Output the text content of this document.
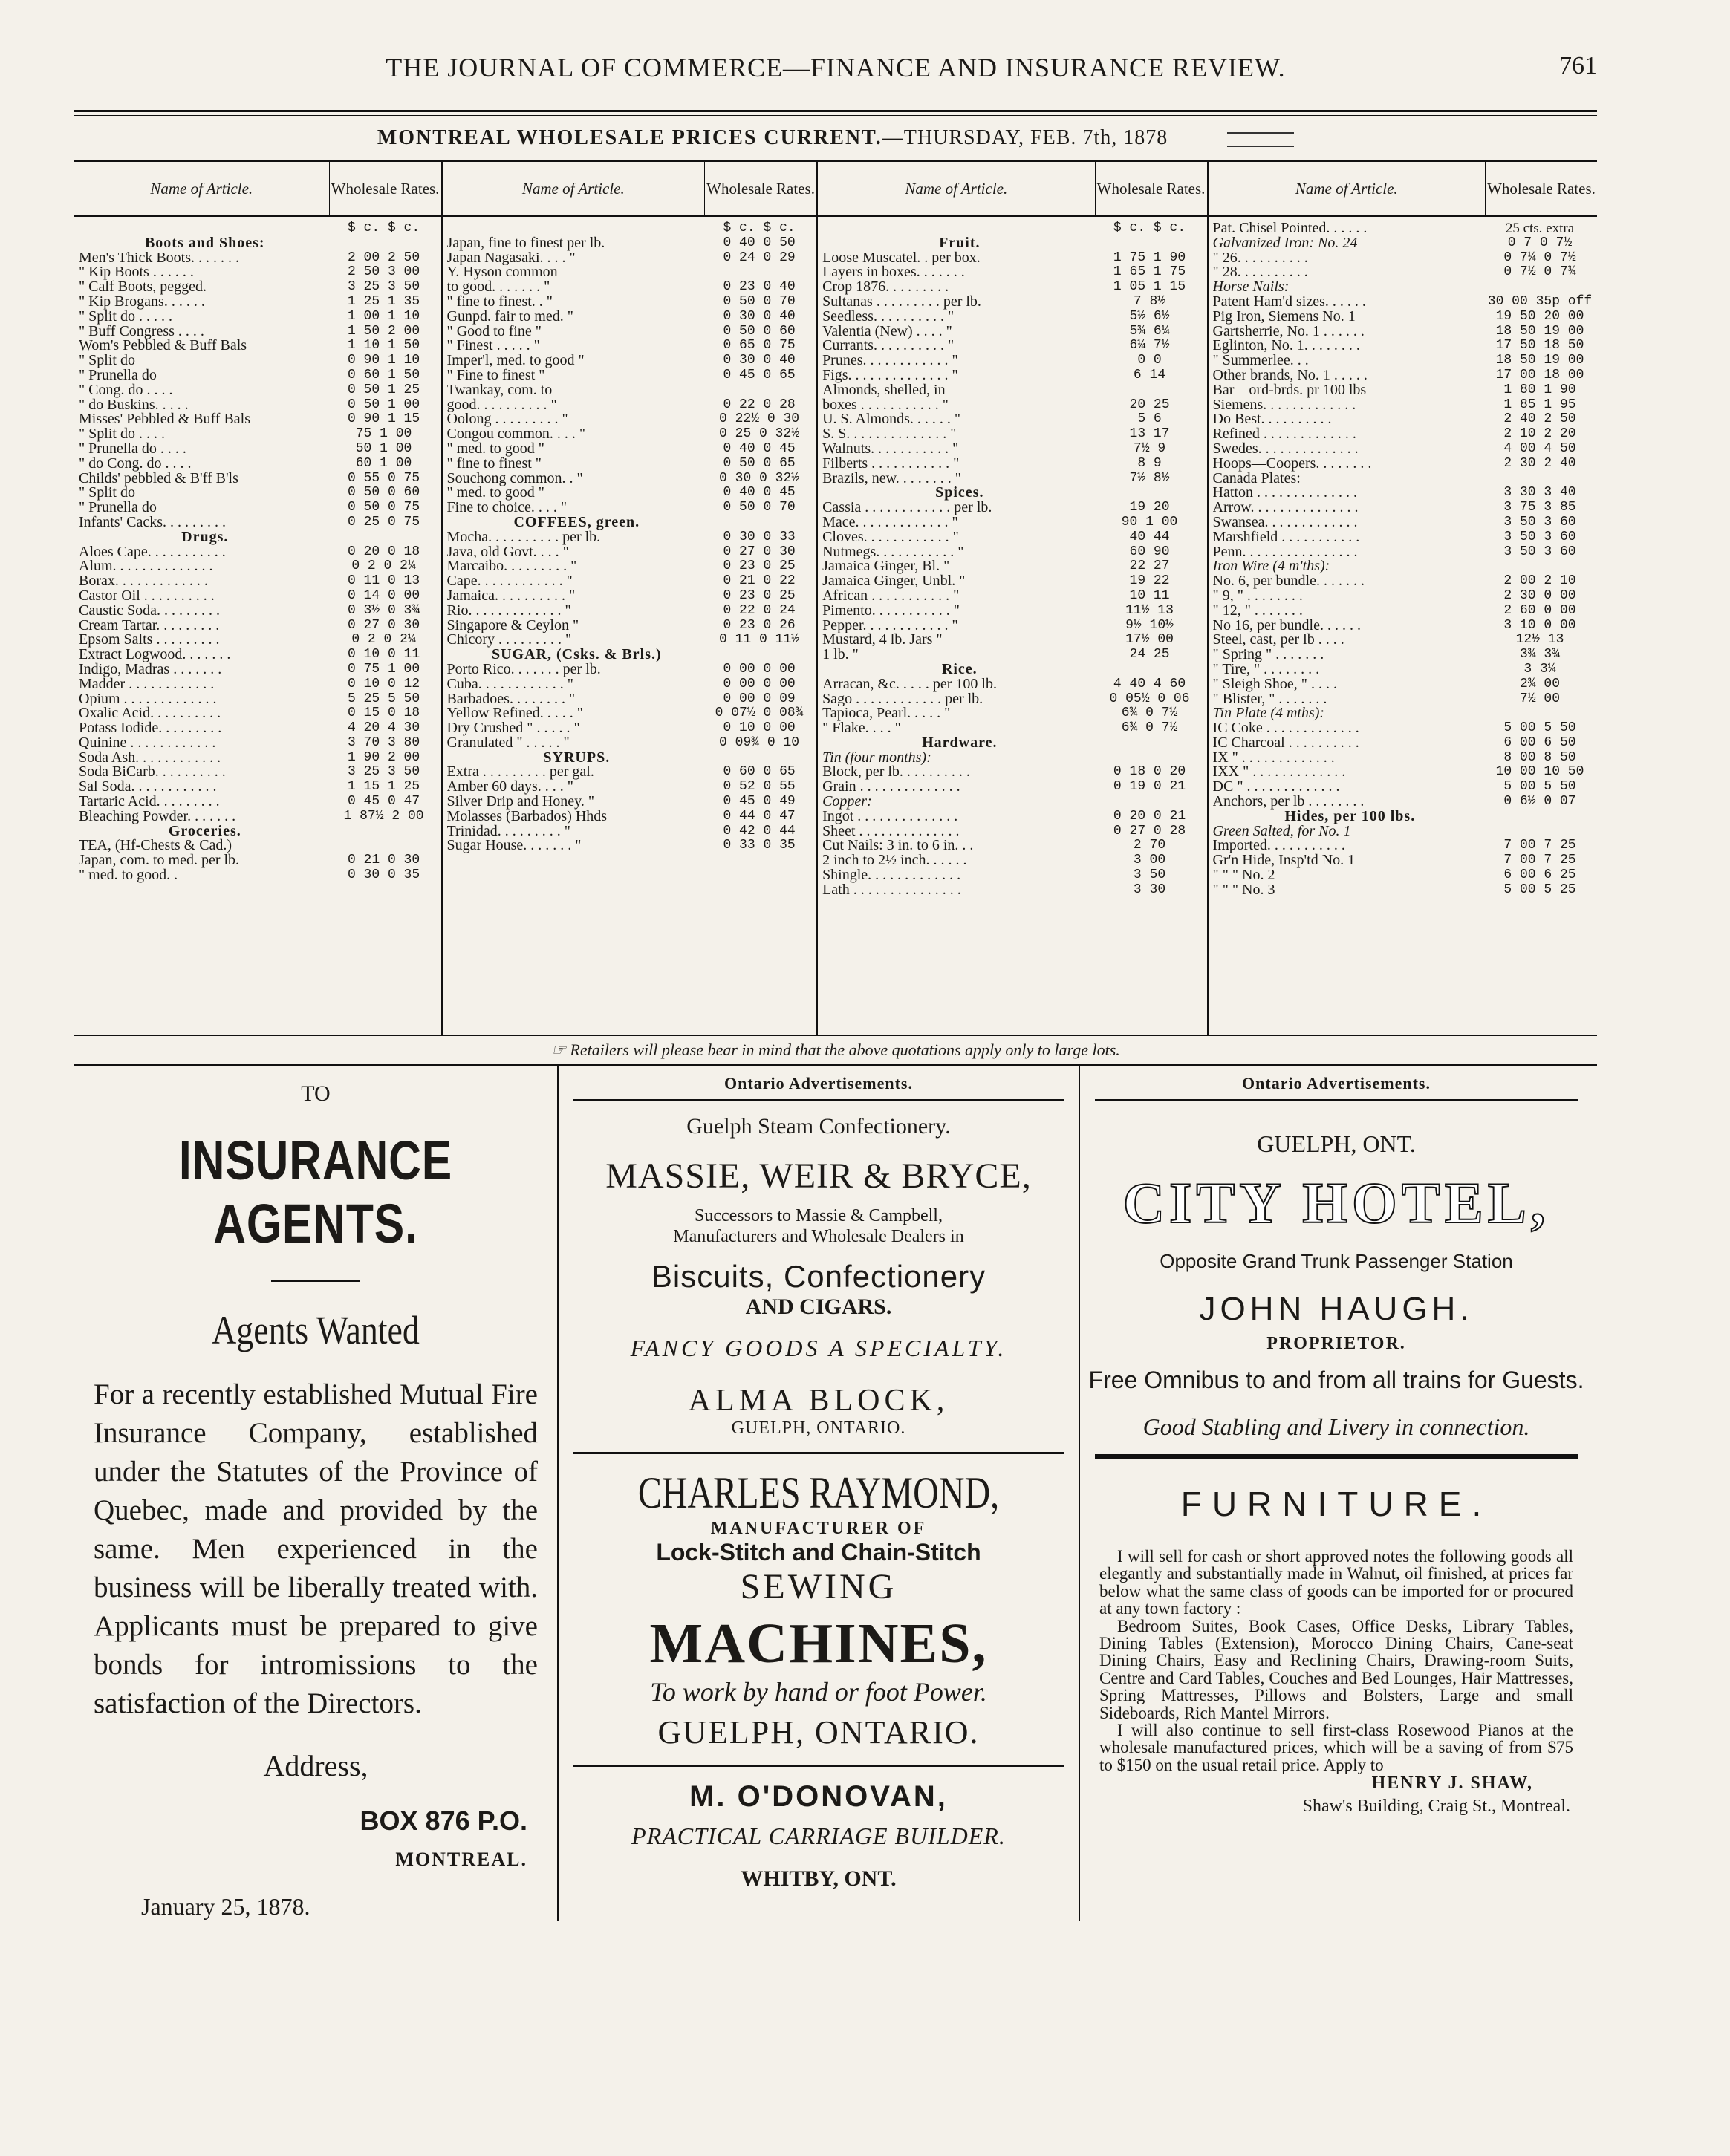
THE JOURNAL OF COMMERCE—FINANCE AND INSURANCE REVIEW.	761
MONTREAL WHOLESALE PRICES CURRENT.—THURSDAY, FEB. 7th, 1878
Name of Article.	Wholesale Rates.
$ c. $ c.
Boots and Shoes:
Men's Thick Boots. . . . . . .	2 00 2 50
" Kip Boots . . . . . .	2 50 3 00
" Calf Boots, pegged.	3 25 3 50
" Kip Brogans. . . . . .	1 25 1 35
" Split do . . . . .	1 00 1 10
" Buff Congress . . . .	1 50 2 00
Wom's Pebbled & Buff Bals	1 10 1 50
" Split do	0 90 1 10
" Prunella do	0 60 1 50
" Cong. do . . . .	0 50 1 25
" do Buskins. . . . .	0 50 1 00
Misses' Pebbled & Buff Bals	0 90 1 15
" Split do . . . .	75 1 00
" Prunella do . . . .	50 1 00
" do Cong. do . . . .	60 1 00
Childs' pebbled & B'ff B'ls	0 55 0 75
" Split do	0 50 0 60
" Prunella do	0 50 0 75
Infants' Cacks. . . . . . . . .	0 25 0 75
Drugs.
Aloes Cape. . . . . . . . . . .	0 20 0 18
Alum. . . . . . . . . . . . . .	0 2 0 2¼
Borax. . . . . . . . . . . . .	0 11 0 13
Castor Oil . . . . . . . . . .	0 14 0 00
Caustic Soda. . . . . . . . .	0 3½ 0 3¾
Cream Tartar. . . . . . . . .	0 27 0 30
Epsom Salts . . . . . . . . .	0 2 0 2¼
Extract Logwood. . . . . . .	0 10 0 11
Indigo, Madras . . . . . . .	0 75 1 00
Madder . . . . . . . . . . . .	0 10 0 12
Opium . . . . . . . . . . . . .	5 25 5 50
Oxalic Acid. . . . . . . . . .	0 15 0 18
Potass Iodide. . . . . . . . .	4 20 4 30
Quinine . . . . . . . . . . . .	3 70 3 80
Soda Ash. . . . . . . . . . . .	1 90 2 00
Soda BiCarb. . . . . . . . . .	3 25 3 50
Sal Soda. . . . . . . . . . . .	1 15 1 25
Tartaric Acid. . . . . . . . .	0 45 0 47
Bleaching Powder. . . . . . .	1 87½ 2 00
Groceries.
TEA, (Hf-Chests & Cad.)
Japan, com. to med. per lb.	0 21 0 30
" med. to good. .	0 30 0 35
Name of Article.	Wholesale Rates.
$ c. $ c.
Japan, fine to finest per lb.	0 40 0 50
Japan Nagasaki. . . . "	0 24 0 29
Y. Hyson common
to good. . . . . . . "	0 23 0 40
" fine to finest. . "	0 50 0 70
Gunpd. fair to med. "	0 30 0 40
" Good to fine "	0 50 0 60
" Finest . . . . . "	0 65 0 75
Imper'l, med. to good "	0 30 0 40
" Fine to finest "	0 45 0 65
Twankay, com. to
good. . . . . . . . . . "	0 22 0 28
Oolong . . . . . . . . . "	0 22½ 0 30
Congou common. . . . "	0 25 0 32½
" med. to good "	0 40 0 45
" fine to finest "	0 50 0 65
Souchong common. . "	0 30 0 32½
" med. to good "	0 40 0 45
Fine to choice. . . . "	0 50 0 70
COFFEES, green.
Mocha. . . . . . . . . . per lb.	0 30 0 33
Java, old Govt. . . . "	0 27 0 30
Marcaibo. . . . . . . . . "	0 23 0 25
Cape. . . . . . . . . . . . "	0 21 0 22
Jamaica. . . . . . . . . . "	0 23 0 25
Rio. . . . . . . . . . . . . "	0 22 0 24
Singapore & Ceylon "	0 23 0 26
Chicory . . . . . . . . . "	0 11 0 11½
SUGAR, (Csks. & Brls.)
Porto Rico. . . . . . . per lb.	0 00 0 00
Cuba. . . . . . . . . . . . "	0 00 0 00
Barbadoes. . . . . . . . "	0 00 0 09
Yellow Refined. . . . . "	0 07½ 0 08¾
Dry Crushed " . . . . . "	0 10 0 00
Granulated " . . . . . "	0 09¾ 0 10
SYRUPS.
Extra . . . . . . . . . per gal.	0 60 0 65
Amber 60 days. . . . "	0 52 0 55
Silver Drip and Honey. "	0 45 0 49
Molasses (Barbados) Hhds	0 44 0 47
Trinidad. . . . . . . . . "	0 42 0 44
Sugar House. . . . . . . "	0 33 0 35
Name of Article.	Wholesale Rates.
$ c. $ c.
Fruit.
Loose Muscatel. . per box.	1 75 1 90
Layers in boxes. . . . . . .	1 65 1 75
Crop 1876. . . . . . . . .	1 05 1 15
Sultanas . . . . . . . . . per lb.	7 8½
Seedless. . . . . . . . . . "	5½ 6½
Valentia (New) . . . . "	5¾ 6¼
Currants. . . . . . . . . . "	6¼ 7½
Prunes. . . . . . . . . . . . "	0 0
Figs. . . . . . . . . . . . . . "	6 14
Almonds, shelled, in
boxes . . . . . . . . . . . "	20 25
U. S. Almonds. . . . . . "	5 6
S. S. . . . . . . . . . . . . . "	13 17
Walnuts. . . . . . . . . . . "	7½ 9
Filberts . . . . . . . . . . . "	8 9
Brazils, new. . . . . . . . "	7½ 8½
Spices.
Cassia . . . . . . . . . . . . per lb.	19 20
Mace. . . . . . . . . . . . . "	90 1 00
Cloves. . . . . . . . . . . . "	40 44
Nutmegs. . . . . . . . . . . "	60 90
Jamaica Ginger, Bl. "	22 27
Jamaica Ginger, Unbl. "	19 22
African . . . . . . . . . . . "	10 11
Pimento. . . . . . . . . . . "	11½ 13
Pepper. . . . . . . . . . . . "	9½ 10½
Mustard, 4 lb. Jars "	17½ 00
1 lb. "	24 25
Rice.
Arracan, &c. . . . . per 100 lb.	4 40 4 60
Sago . . . . . . . . . . . . per lb.	0 05½ 0 06
Tapioca, Pearl. . . . . "	6¾ 0 7½
" Flake. . . . "	6¾ 0 7½
Hardware.
Tin (four months):
Block, per lb. . . . . . . . . .	0 18 0 20
Grain . . . . . . . . . . . . . .	0 19 0 21
Copper:
Ingot . . . . . . . . . . . . . .	0 20 0 21
Sheet . . . . . . . . . . . . . .	0 27 0 28
Cut Nails: 3 in. to 6 in. . .	2 70
2 inch to 2½ inch. . . . . .	3 00
Shingle. . . . . . . . . . . . .	3 50
Lath . . . . . . . . . . . . . . .	3 30
Name of Article.	Wholesale Rates.
Pat. Chisel Pointed. . . . . .	25 cts. extra
Galvanized Iron: No. 24	0 7 0 7½
" 26. . . . . . . . . .	0 7¼ 0 7½
" 28. . . . . . . . . .	0 7½ 0 7¾
Horse Nails:
Patent Ham'd sizes. . . . . .	30 00 35p off
Pig Iron, Siemens No. 1	19 50 20 00
Gartsherrie, No. 1 . . . . . .	18 50 19 00
Eglinton, No. 1. . . . . . . .	17 50 18 50
" Summerlee. . .	18 50 19 00
Other brands, No. 1 . . . . .	17 00 18 00
Bar—ord-brds. pr 100 lbs	1 80 1 90
Siemens. . . . . . . . . . . . .	1 85 1 95
Do Best. . . . . . . . . .	2 40 2 50
Refined . . . . . . . . . . . . .	2 10 2 20
Swedes. . . . . . . . . . . . . .	4 00 4 50
Hoops—Coopers. . . . . . . .	2 30 2 40
Canada Plates:
Hatton . . . . . . . . . . . . . .	3 30 3 40
Arrow. . . . . . . . . . . . . . .	3 75 3 85
Swansea. . . . . . . . . . . . .	3 50 3 60
Marshfield . . . . . . . . . . .	3 50 3 60
Penn. . . . . . . . . . . . . . . .	3 50 3 60
Iron Wire (4 m'ths):
No. 6, per bundle. . . . . . .	2 00 2 10
" 9, " . . . . . . . .	2 30 0 00
" 12, " . . . . . . .	2 60 0 00
No 16, per bundle. . . . . .	3 10 0 00
Steel, cast, per lb . . . .	12½ 13
" Spring " . . . . . . .	3¾ 3¾
" Tire, " . . . . . . . .	3 3¼
" Sleigh Shoe, " . . . .	2¾ 00
" Blister, " . . . . . . .	7½ 00
Tin Plate (4 mths):
IC Coke . . . . . . . . . . . . .	5 00 5 50
IC Charcoal . . . . . . . . . .	6 00 6 50
IX " . . . . . . . . . . . . .	8 00 8 50
IXX " . . . . . . . . . . . . .	10 00 10 50
DC " . . . . . . . . . . . . .	5 00 5 50
Anchors, per lb . . . . . . . .	0 6½ 0 07
Hides, per 100 lbs.
Green Salted, for No. 1
Imported. . . . . . . . . . .	7 00 7 25
Gr'n Hide, Insp'td No. 1	7 00 7 25
" " " No. 2	6 00 6 25
" " " No. 3	5 00 5 25
☞ Retailers will please bear in mind that the above quotations apply only to large lots.
TO
INSURANCE AGENTS.
Agents Wanted
For a recently established Mutual Fire Insurance Company, established under the Statutes of the Province of Quebec, made and provided by the same. Men experienced in the business will be liberally treated with. Applicants must be prepared to give bonds for intromissions to the satisfaction of the Directors.
Address,
BOX 876 P.O.
MONTREAL.
January 25, 1878.
Ontario Advertisements.
Guelph Steam Confectionery.
MASSIE, WEIR & BRYCE,
Successors to Massie & Campbell,
Manufacturers and Wholesale Dealers in
Biscuits, Confectionery
AND CIGARS.
FANCY GOODS A SPECIALTY.
ALMA BLOCK,
GUELPH, ONTARIO.
CHARLES RAYMOND,
MANUFACTURER OF
Lock-Stitch and Chain-Stitch
SEWING
MACHINES,
To work by hand or foot Power.
GUELPH, ONTARIO.
M. O'DONOVAN,
PRACTICAL CARRIAGE BUILDER.
WHITBY, ONT.
Ontario Advertisements.
GUELPH, ONT.
CITY HOTEL,
Opposite Grand Trunk Passenger Station
JOHN HAUGH.
PROPRIETOR.
Free Omnibus to and from all trains for Guests.
Good Stabling and Livery in connection.
FURNITURE.

I will sell for cash or short approved notes the following goods all elegantly and substantially made in Walnut, oil finished, at prices far below what the same class of goods can be imported for or procured at any town factory :

Bedroom Suites, Book Cases, Office Desks, Library Tables, Dining Tables (Extension), Morocco Dining Chairs, Cane-seat Dining Chairs, Easy and Reclining Chairs, Drawing-room Suits, Centre and Card Tables, Couches and Bed Lounges, Hair Mattresses, Spring Mattresses, Pillows and Bolsters, Large and small Sideboards, Rich Mantel Mirrors.

I will also continue to sell first-class Rosewood Pianos at the wholesale manufactured prices, which will be a saving of from $75 to $150 on the usual retail price. Apply to

HENRY J. SHAW,
Shaw's Building, Craig St., Montreal.
